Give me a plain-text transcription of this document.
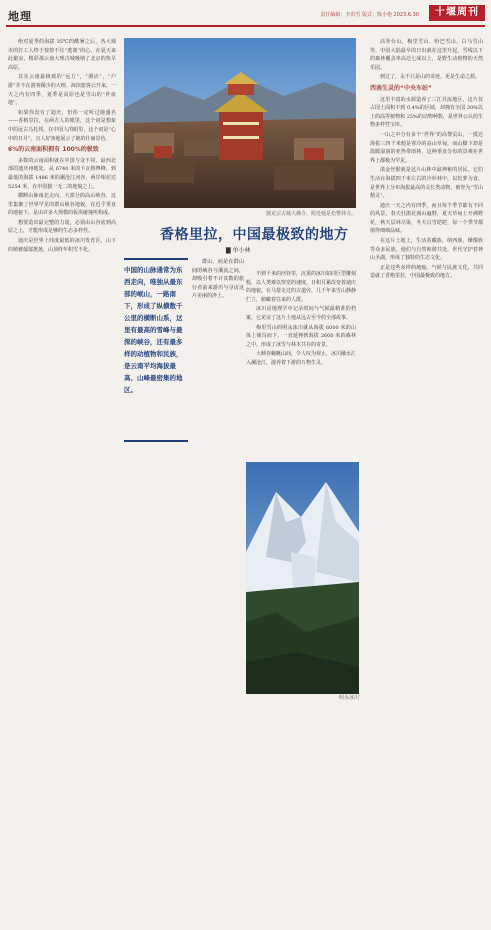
地理	责任编辑：李洪雪 版式：陈小艳 2023.6.30	十堰周刊

绝对夏季的海拔 35℃的酷暑之后，各大城市的打工人终于按捺不住“逃离”的心，在夏天来此避凉，精彩那云南大理古城吸纳了北京的快旱高原。

其实云南最极致的“远方”，“酒店”，“户游”并不在游客稀少的大理、海滨旅客云开来，一天之内有四季，夏季是高原也是雪山的“补血地”。

如果你没有了迪庆，但你一定听过她盛名——香格里拉，在两方人的眼里，这个词是想象中的远古乌托邦，在中国人的眼里，这个词是“心中的日月”。且人好客地展示了她的壮丽景色。

6%的云南面积拥有 100%的极致

多数的云南面积就在中国与众不同，最西北部的迪庆州地处，从 6740 米的卡瓦格博峰，到最低的海拔 1486 米的澜沧江河谷，两岸相差达 5254 米，在中国独一无二的地貌之上。

横断山脉南北走向，大部分的高山峡谷，这里集聚了世界罕见的群山峡谷地貌，在近乎垂直的地貌下，是由许多大规模的板块碰撞所构成。

想要造出最完整的力量，必须由山谷底到高原之上，才能形成足够的生态多样性。

迪庆是世界上纬度最低的冰川发育区，山下的植被郁郁葱葱，山顶终年积雪不化。

独克宗古城大佛寺、附近便是松赞林寺。
香格里拉，中国最极致的地方
▇ 单小林
中国的山脉通常为东西走向，唯独从最东部的岷山，一路南下，形成了纵横数千公里的横断山系，这里有最高的雪峰与最深的峡谷，还有最多样的动植物和民族，是云南平均海拔最高、山峰最密集的地区。

群山，而是在群山间的峡谷与溪流之间，却吸引着不计其数的旅行者前来游历与寻访这片美丽的净土。

不到千米的河谷里，沉重的冰川如同巨型雕刻般，以人类难以察觉的速度，日积月累改变着迪庆的地貌。在马帮走过的古道旁，几千年来雪山静静伫立，俯瞰着往来的人群。

冰川是地理学中记录时间与气候最精准的档案，它见证了这片土地从远古至今的全部故事。

梅里雪山的明永冰川就从海拔 6000 米的山体上倾泻而下，一直延伸到海拔 2600 米的森林之中，形成了冰雪与林木共存的奇景。

大峡谷蜿蜒山间，令人叹为观止，冰川融水汇入澜沧江，滋养着下游的万物生灵。

明永冰川

高拳台山、梅里雪山、哈巴雪山、白马雪山等，中国大陆最早的日出就在这里升起，雪线以下的森林覆盖率高达七成以上，是野生动植物的天然乐园。

到过了，永不只是山的奇迹，更是生命之源。

西南生灵的“中央车站”

这里丰富的水源造养了三江并流地区，这片仅占国土面积不到 0.4%的区域，却拥有全国 20%以上的高等植物和 25%的动物种数，是世界公认的生物多样性宝库。

一山之中分有多个“世界”的高黎贡山，一抵达海拔三四千米便是寒冷的高山草甸，而山脚下却是温暖湿润的亚热带雨林，这种垂直分布的景观在世界上都极为罕见。

滇金丝猴就是这片山林中最神秘的居民，它们生活在海拔四千米左右的冷杉林中，以松萝为食，是世界上分布海拔最高的灵长类动物，被誉为“雪山精灵”。

迪庆一天之内有四季，而且每个季节都有不同的风景，春天杜鹃花漫山遍野，夏天草甸上开满野花，秋天层林尽染，冬天白雪皑皑，每一个季节都值得细细品味。

在这片土地上，生活着藏族、纳西族、傈僳族等众多民族，他们与自然和谐共处，世代守护着神山圣湖，形成了独特的生态文化。

正是这些多样的地貌、气候与民族文化，共同造就了香格里拉，中国最极致的地方。
